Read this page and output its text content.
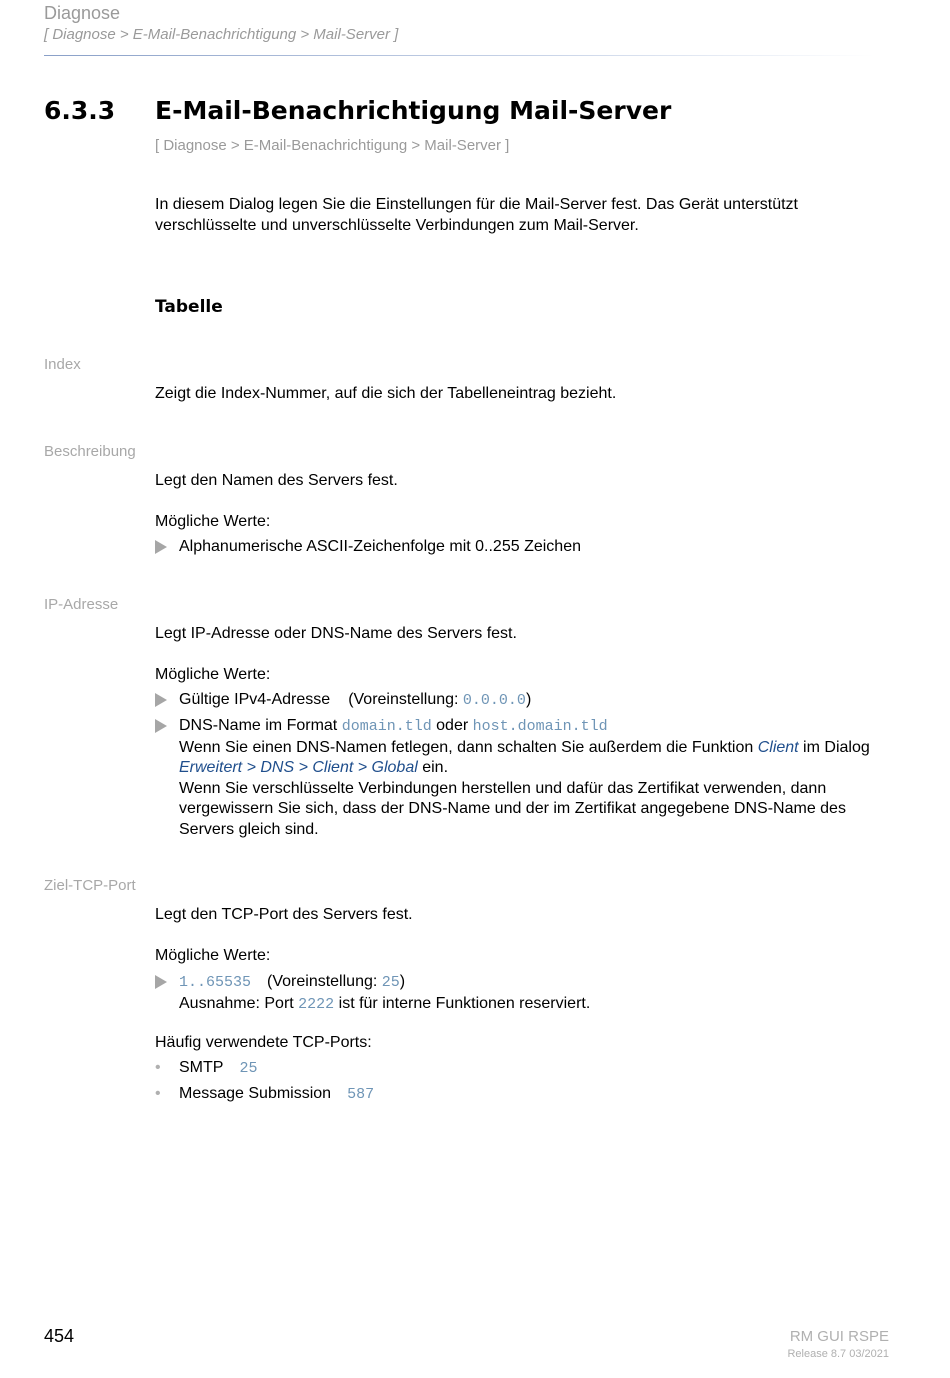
Diagnose
[ Diagnose > E-Mail-Benachrichtigung > Mail-Server ]
6.3.3 E-Mail-Benachrichtigung Mail-Server
[ Diagnose > E-Mail-Benachrichtigung > Mail-Server ]
In diesem Dialog legen Sie die Einstellungen für die Mail-Server fest. Das Gerät unterstützt verschlüsselte und unverschlüsselte Verbindungen zum Mail-Server.
Tabelle
Index
Zeigt die Index-Nummer, auf die sich der Tabelleneintrag bezieht.
Beschreibung
Legt den Namen des Servers fest.
Mögliche Werte:
Alphanumerische ASCII-Zeichenfolge mit 0..255 Zeichen
IP-Adresse
Legt IP-Adresse oder DNS-Name des Servers fest.
Mögliche Werte:
Gültige IPv4-Adresse (Voreinstellung: 0.0.0.0)
DNS-Name im Format domain.tld oder host.domain.tld
Wenn Sie einen DNS-Namen fetlegen, dann schalten Sie außerdem die Funktion Client im Dialog Erweitert > DNS > Client > Global ein.
Wenn Sie verschlüsselte Verbindungen herstellen und dafür das Zertifikat verwenden, dann vergewissern Sie sich, dass der DNS-Name und der im Zertifikat angegebene DNS-Name des Servers gleich sind.
Ziel-TCP-Port
Legt den TCP-Port des Servers fest.
Mögliche Werte:
1..65535 (Voreinstellung: 25)
Ausnahme: Port 2222 ist für interne Funktionen reserviert.
Häufig verwendete TCP-Ports:
• SMTP 25
• Message Submission 587
454	RM GUI RSPE
Release 8.7 03/2021
